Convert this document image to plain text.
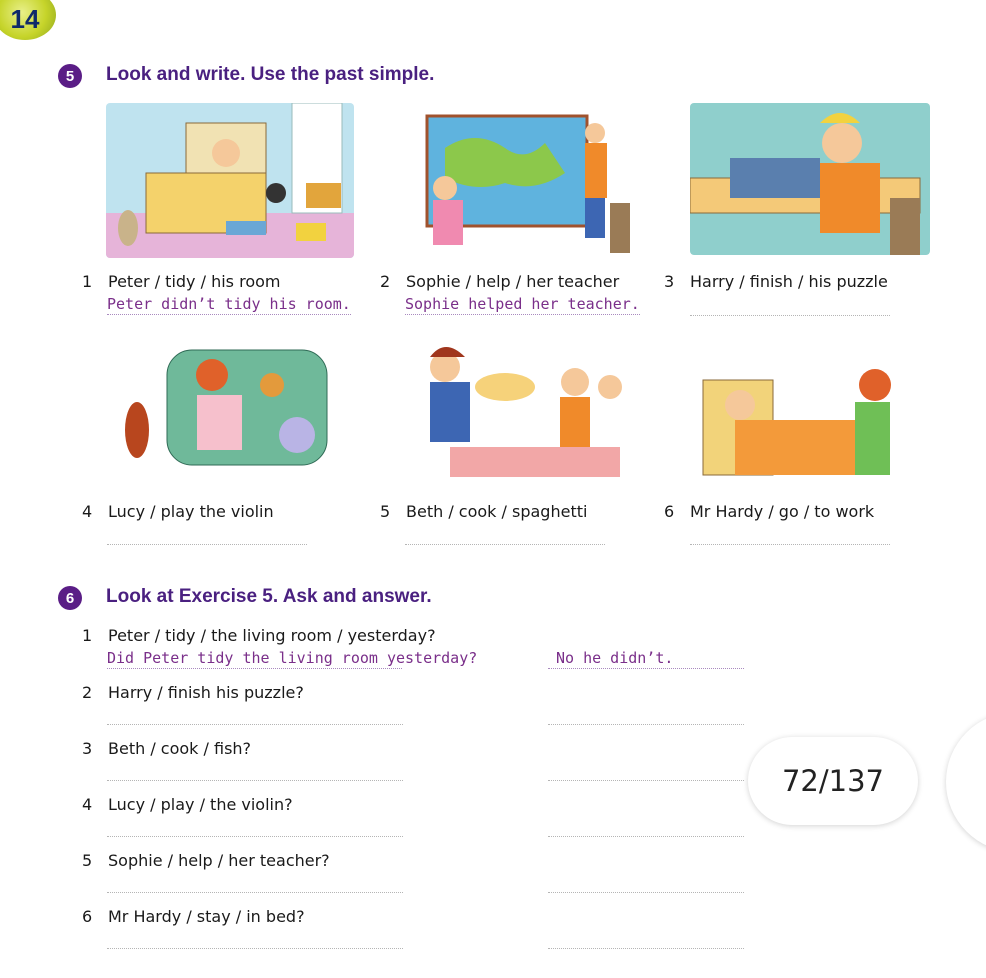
14
5 Look and write. Use the past simple.
1 Peter / tidy / his room
Peter didn’t tidy his room.
2 Sophie / help / her teacher
Sophie helped her teacher.
3 Harry / finish / his puzzle
4 Lucy / play the violin	5 Beth / cook / spaghetti	6 Mr Hardy / go / to work
6 Look at Exercise 5. Ask and answer.
1 Peter / tidy / the living room / yesterday?
Did Peter tidy the living room yesterday?	No he didn’t.
2 Harry / finish his puzzle?
3 Beth / cook / fish?
4 Lucy / play / the violin?
5 Sophie / help / her teacher?
6 Mr Hardy / stay / in bed?
72/137
